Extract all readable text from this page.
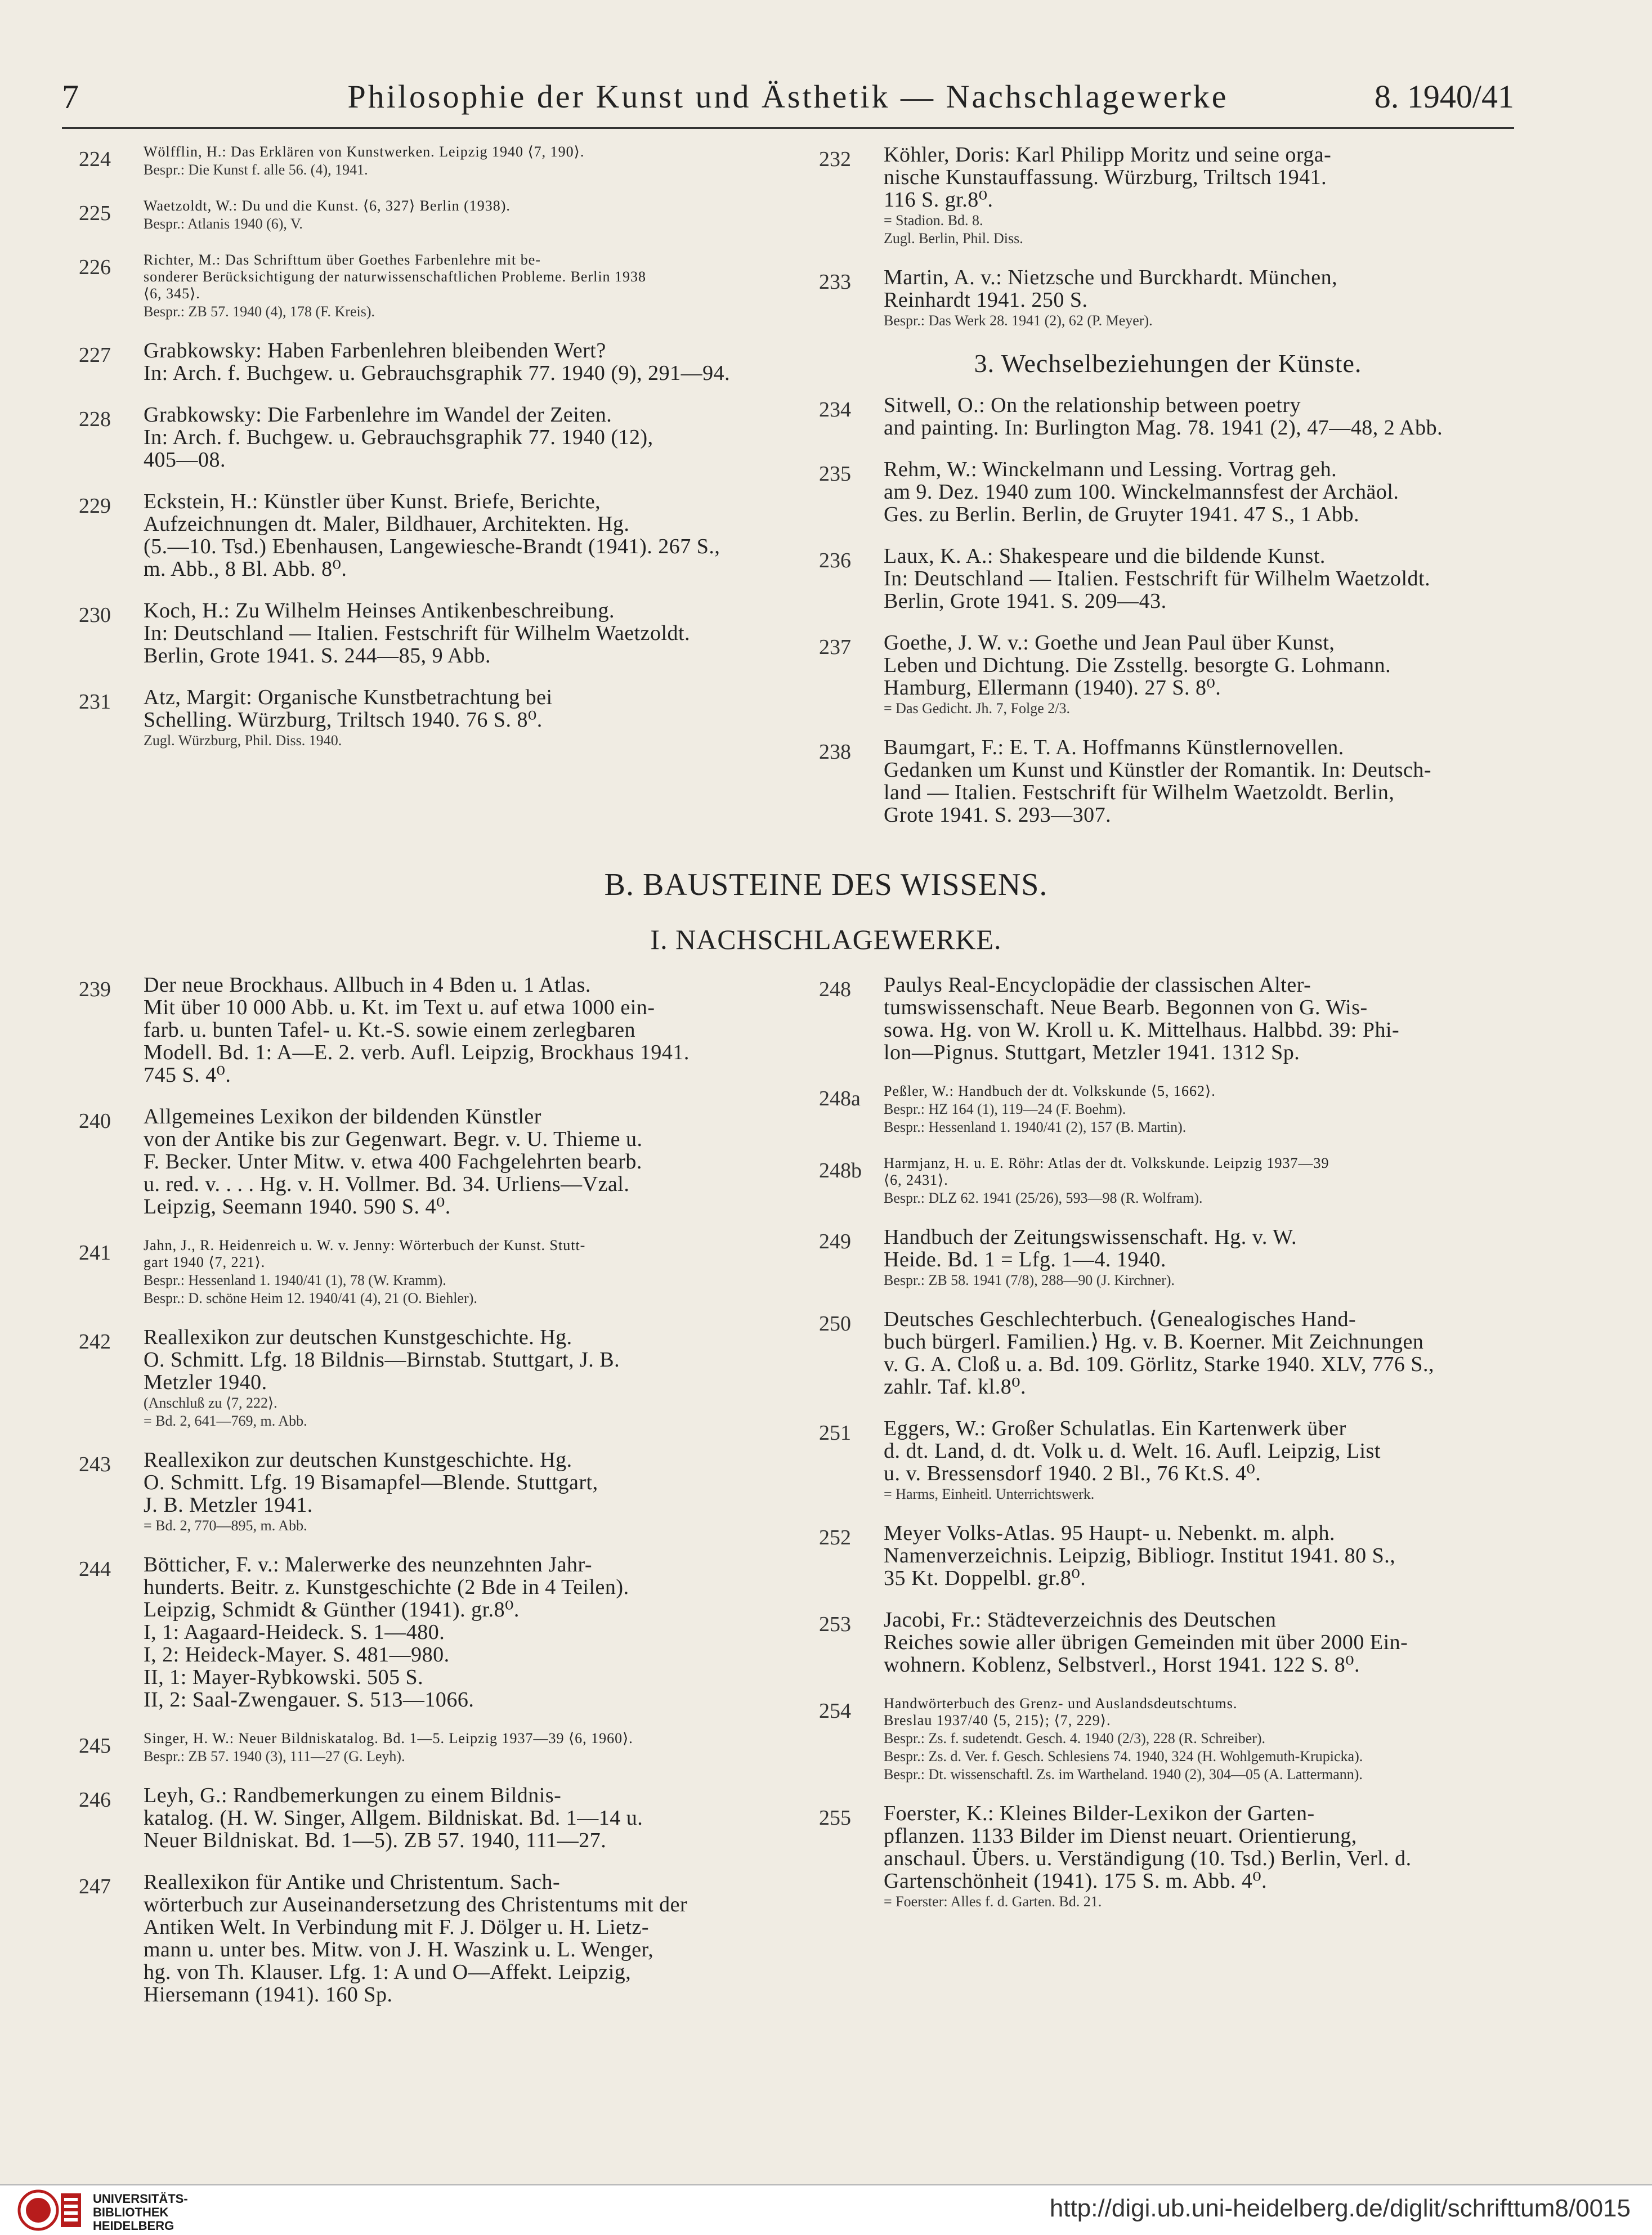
7	Philosophie der Kunst und Ästhetik — Nachschlagewerke	8. 1940/41
224 Wölfflin, H.: Das Erklären von Kunstwerken. Leipzig 1940 ⟨7, 190⟩.
Bespr.: Die Kunst f. alle 56. (4), 1941.
225 Waetzoldt, W.: Du und die Kunst. ⟨6, 327⟩ Berlin (1938).
Bespr.: Atlanis 1940 (6), V.
226 Richter, M.: Das Schrifttum über Goethes Farbenlehre mit be-
sonderer Berücksichtigung der naturwissenschaftlichen Probleme. Berlin 1938
⟨6, 345⟩.
Bespr.: ZB 57. 1940 (4), 178 (F. Kreis).
227 Grabkowsky: Haben Farbenlehren bleibenden Wert?
In: Arch. f. Buchgew. u. Gebrauchsgraphik 77. 1940 (9), 291—94.
228 Grabkowsky: Die Farbenlehre im Wandel der Zeiten.
In: Arch. f. Buchgew. u. Gebrauchsgraphik 77. 1940 (12),
405—08.
229 Eckstein, H.: Künstler über Kunst. Briefe, Berichte,
Aufzeichnungen dt. Maler, Bildhauer, Architekten. Hg.
(5.—10. Tsd.) Ebenhausen, Langewiesche-Brandt (1941). 267 S.,
m. Abb., 8 Bl. Abb. 8⁰.
230 Koch, H.: Zu Wilhelm Heinses Antikenbeschreibung.
In: Deutschland — Italien. Festschrift für Wilhelm Waetzoldt.
Berlin, Grote 1941. S. 244—85, 9 Abb.
231 Atz, Margit: Organische Kunstbetrachtung bei
Schelling. Würzburg, Triltsch 1940. 76 S. 8⁰.
Zugl. Würzburg, Phil. Diss. 1940.
232 Köhler, Doris: Karl Philipp Moritz und seine orga-
nische Kunstauffassung. Würzburg, Triltsch 1941.
116 S. gr.8⁰.
= Stadion. Bd. 8.
Zugl. Berlin, Phil. Diss.
233 Martin, A. v.: Nietzsche und Burckhardt. München,
Reinhardt 1941. 250 S.
Bespr.: Das Werk 28. 1941 (2), 62 (P. Meyer).
3. Wechselbeziehungen der Künste.
234 Sitwell, O.: On the relationship between poetry
and painting. In: Burlington Mag. 78. 1941 (2), 47—48, 2 Abb.
235 Rehm, W.: Winckelmann und Lessing. Vortrag geh.
am 9. Dez. 1940 zum 100. Winckelmannsfest der Archäol.
Ges. zu Berlin. Berlin, de Gruyter 1941. 47 S., 1 Abb.
236 Laux, K. A.: Shakespeare und die bildende Kunst.
In: Deutschland — Italien. Festschrift für Wilhelm Waetzoldt.
Berlin, Grote 1941. S. 209—43.
237 Goethe, J. W. v.: Goethe und Jean Paul über Kunst,
Leben und Dichtung. Die Zsstellg. besorgte G. Lohmann.
Hamburg, Ellermann (1940). 27 S. 8⁰.
= Das Gedicht. Jh. 7, Folge 2/3.
238 Baumgart, F.: E. T. A. Hoffmanns Künstlernovellen.
Gedanken um Kunst und Künstler der Romantik. In: Deutsch-
land — Italien. Festschrift für Wilhelm Waetzoldt. Berlin,
Grote 1941. S. 293—307.
B. BAUSTEINE DES WISSENS.
I. NACHSCHLAGEWERKE.
239 Der neue Brockhaus. Allbuch in 4 Bden u. 1 Atlas.
Mit über 10 000 Abb. u. Kt. im Text u. auf etwa 1000 ein-
farb. u. bunten Tafel- u. Kt.-S. sowie einem zerlegbaren
Modell. Bd. 1: A—E. 2. verb. Aufl. Leipzig, Brockhaus 1941.
745 S. 4⁰.
240 Allgemeines Lexikon der bildenden Künstler
von der Antike bis zur Gegenwart. Begr. v. U. Thieme u.
F. Becker. Unter Mitw. v. etwa 400 Fachgelehrten bearb.
u. red. v. . . . Hg. v. H. Vollmer. Bd. 34. Urliens—Vzal.
Leipzig, Seemann 1940. 590 S. 4⁰.
241 Jahn, J., R. Heidenreich u. W. v. Jenny: Wörterbuch der Kunst. Stutt-
gart 1940 ⟨7, 221⟩.
Bespr.: Hessenland 1. 1940/41 (1), 78 (W. Kramm).
Bespr.: D. schöne Heim 12. 1940/41 (4), 21 (O. Biehler).
242 Reallexikon zur deutschen Kunstgeschichte. Hg.
O. Schmitt. Lfg. 18 Bildnis—Birnstab. Stuttgart, J. B.
Metzler 1940.
(Anschluß zu ⟨7, 222⟩.
= Bd. 2, 641—769, m. Abb.
243 Reallexikon zur deutschen Kunstgeschichte. Hg.
O. Schmitt. Lfg. 19 Bisamapfel—Blende. Stuttgart,
J. B. Metzler 1941.
= Bd. 2, 770—895, m. Abb.
244 Bötticher, F. v.: Malerwerke des neunzehnten Jahr-
hunderts. Beitr. z. Kunstgeschichte (2 Bde in 4 Teilen).
Leipzig, Schmidt & Günther (1941). gr.8⁰.
I, 1: Aagaard-Heideck. S. 1—480.
I, 2: Heideck-Mayer. S. 481—980.
II, 1: Mayer-Rybkowski. 505 S.
II, 2: Saal-Zwengauer. S. 513—1066.
245 Singer, H. W.: Neuer Bildniskatalog. Bd. 1—5. Leipzig 1937—39 ⟨6, 1960⟩.
Bespr.: ZB 57. 1940 (3), 111—27 (G. Leyh).
246 Leyh, G.: Randbemerkungen zu einem Bildnis-
katalog. (H. W. Singer, Allgem. Bildniskat. Bd. 1—14 u.
Neuer Bildniskat. Bd. 1—5). ZB 57. 1940, 111—27.
247 Reallexikon für Antike und Christentum. Sach-
wörterbuch zur Auseinandersetzung des Christentums mit der
Antiken Welt. In Verbindung mit F. J. Dölger u. H. Lietz-
mann u. unter bes. Mitw. von J. H. Waszink u. L. Wenger,
hg. von Th. Klauser. Lfg. 1: A und O—Affekt. Leipzig,
Hiersemann (1941). 160 Sp.
248 Paulys Real-Encyclopädie der classischen Alter-
tumswissenschaft. Neue Bearb. Begonnen von G. Wis-
sowa. Hg. von W. Kroll u. K. Mittelhaus. Halbbd. 39: Phi-
lon—Pignus. Stuttgart, Metzler 1941. 1312 Sp.
248a Peßler, W.: Handbuch der dt. Volkskunde ⟨5, 1662⟩.
Bespr.: HZ 164 (1), 119—24 (F. Boehm).
Bespr.: Hessenland 1. 1940/41 (2), 157 (B. Martin).
248b Harmjanz, H. u. E. Röhr: Atlas der dt. Volkskunde. Leipzig 1937—39
⟨6, 2431⟩.
Bespr.: DLZ 62. 1941 (25/26), 593—98 (R. Wolfram).
249 Handbuch der Zeitungswissenschaft. Hg. v. W.
Heide. Bd. 1 = Lfg. 1—4. 1940.
Bespr.: ZB 58. 1941 (7/8), 288—90 (J. Kirchner).
250 Deutsches Geschlechterbuch. ⟨Genealogisches Hand-
buch bürgerl. Familien.⟩ Hg. v. B. Koerner. Mit Zeichnungen
v. G. A. Cloß u. a. Bd. 109. Görlitz, Starke 1940. XLV, 776 S.,
zahlr. Taf. kl.8⁰.
251 Eggers, W.: Großer Schulatlas. Ein Kartenwerk über
d. dt. Land, d. dt. Volk u. d. Welt. 16. Aufl. Leipzig, List
u. v. Bressensdorf 1940. 2 Bl., 76 Kt.S. 4⁰.
= Harms, Einheitl. Unterrichtswerk.
252 Meyer Volks-Atlas. 95 Haupt- u. Nebenkt. m. alph.
Namenverzeichnis. Leipzig, Bibliogr. Institut 1941. 80 S.,
35 Kt. Doppelbl. gr.8⁰.
253 Jacobi, Fr.: Städteverzeichnis des Deutschen
Reiches sowie aller übrigen Gemeinden mit über 2000 Ein-
wohnern. Koblenz, Selbstverl., Horst 1941. 122 S. 8⁰.
254 Handwörterbuch des Grenz- und Auslandsdeutschtums.
Breslau 1937/40 ⟨5, 215⟩; ⟨7, 229⟩.
Bespr.: Zs. f. sudetendt. Gesch. 4. 1940 (2/3), 228 (R. Schreiber).
Bespr.: Zs. d. Ver. f. Gesch. Schlesiens 74. 1940, 324 (H. Wohlgemuth-Krupicka).
Bespr.: Dt. wissenschaftl. Zs. im Wartheland. 1940 (2), 304—05 (A. Lattermann).
255 Foerster, K.: Kleines Bilder-Lexikon der Garten-
pflanzen. 1133 Bilder im Dienst neuart. Orientierung,
anschaul. Übers. u. Verständigung (10. Tsd.) Berlin, Verl. d.
Gartenschönheit (1941). 175 S. m. Abb. 4⁰.
= Foerster: Alles f. d. Garten. Bd. 21.
UNIVERSITÄTS-
BIBLIOTHEK
HEIDELBERG
http://digi.ub.uni-heidelberg.de/diglit/schrifttum8/0015
